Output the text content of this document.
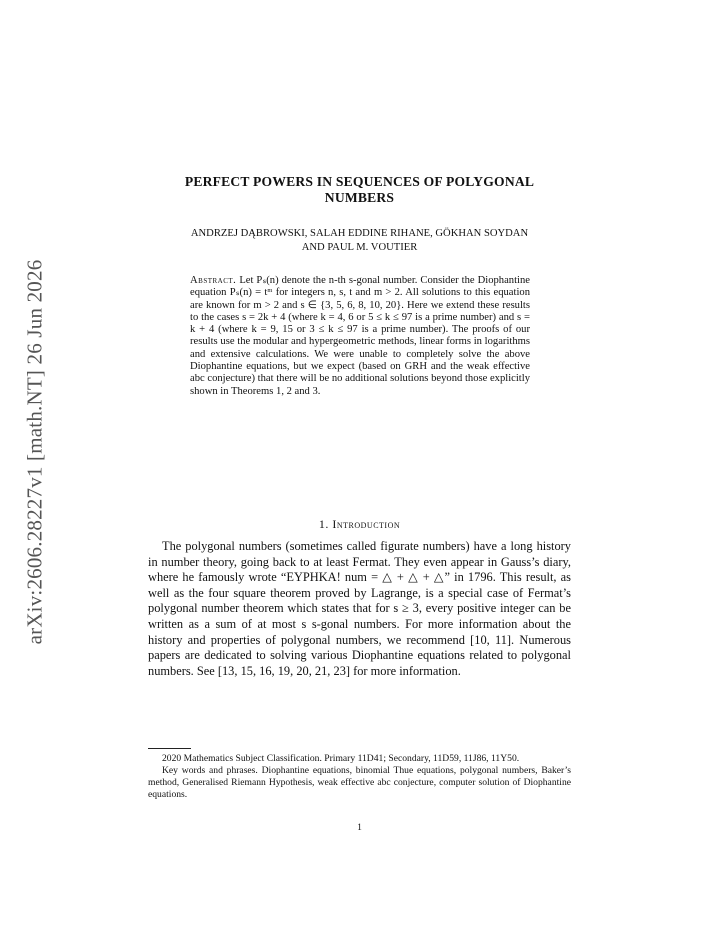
arXiv:2606.28227v1 [math.NT] 26 Jun 2026
PERFECT POWERS IN SEQUENCES OF POLYGONAL
NUMBERS
ANDRZEJ DĄBROWSKI, SALAH EDDINE RIHANE, GÖKHAN SOYDAN
AND PAUL M. VOUTIER
Abstract. Let Pₛ(n) denote the n-th s-gonal number. Consider the Diophantine equation Pₛ(n) = tᵐ for integers n, s, t and m > 2. All solutions to this equation are known for m > 2 and s ∈ {3, 5, 6, 8, 10, 20}. Here we extend these results to the cases s = 2k + 4 (where k = 4, 6 or 5 ≤ k ≤ 97 is a prime number) and s = k + 4 (where k = 9, 15 or 3 ≤ k ≤ 97 is a prime number). The proofs of our results use the modular and hypergeometric methods, linear forms in logarithms and extensive calculations. We were unable to completely solve the above Diophantine equations, but we expect (based on GRH and the weak effective abc conjecture) that there will be no additional solutions beyond those explicitly shown in Theorems 1, 2 and 3.
1. Introduction
The polygonal numbers (sometimes called figurate numbers) have a long history in number theory, going back to at least Fermat. They even appear in Gauss’s diary, where he famously wrote “EYPHKA! num = △ + △ + △” in 1796. This result, as well as the four square theorem proved by Lagrange, is a special case of Fermat’s polygonal number theorem which states that for s ≥ 3, every positive integer can be written as a sum of at most s s-gonal numbers. For more information about the history and properties of polygonal numbers, we recommend [10, 11]. Numerous papers are dedicated to solving various Diophantine equations related to polygonal numbers. See [13, 15, 16, 19, 20, 21, 23] for more information.

2020 Mathematics Subject Classification. Primary 11D41; Secondary, 11D59, 11J86, 11Y50.

Key words and phrases. Diophantine equations, binomial Thue equations, polygonal numbers, Baker’s method, Generalised Riemann Hypothesis, weak effective abc conjecture, computer solution of Diophantine equations.

1
